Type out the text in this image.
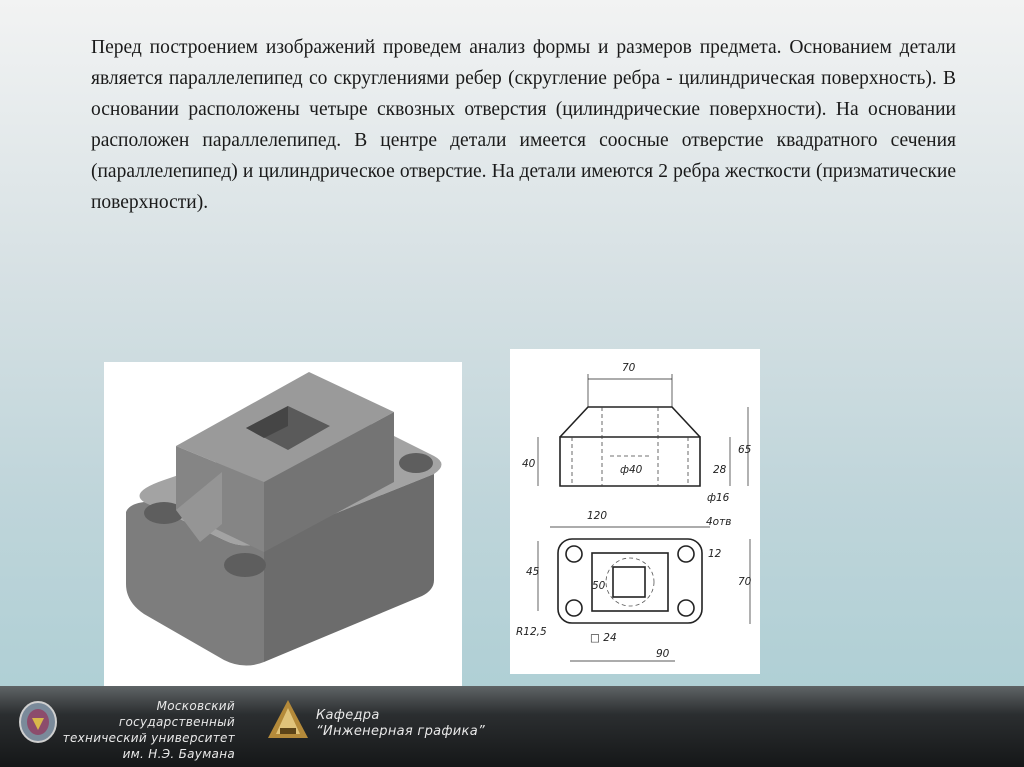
Перед построением изображений проведем анализ формы и размеров предмета. Основанием детали является параллелепипед со скруглениями ребер (скругление ребра - цилиндрическая поверхность). В основании расположены четыре сквозных отверстия (цилиндрические поверхности). На основании расположен параллелепипед. В центре детали имеется соосные отверстие квадратного сечения (параллелепипед) и цилиндрическое отверстие. На детали имеются 2 ребра жесткости (призматические поверхности).

70
40	ф40	28
65
ф16
4отв
120
45
50
12
70
R12,5	□ 24
90
Московский государственный
технический университет
им. Н.Э. Баумана
Кафедра
“Инженерная графика”
